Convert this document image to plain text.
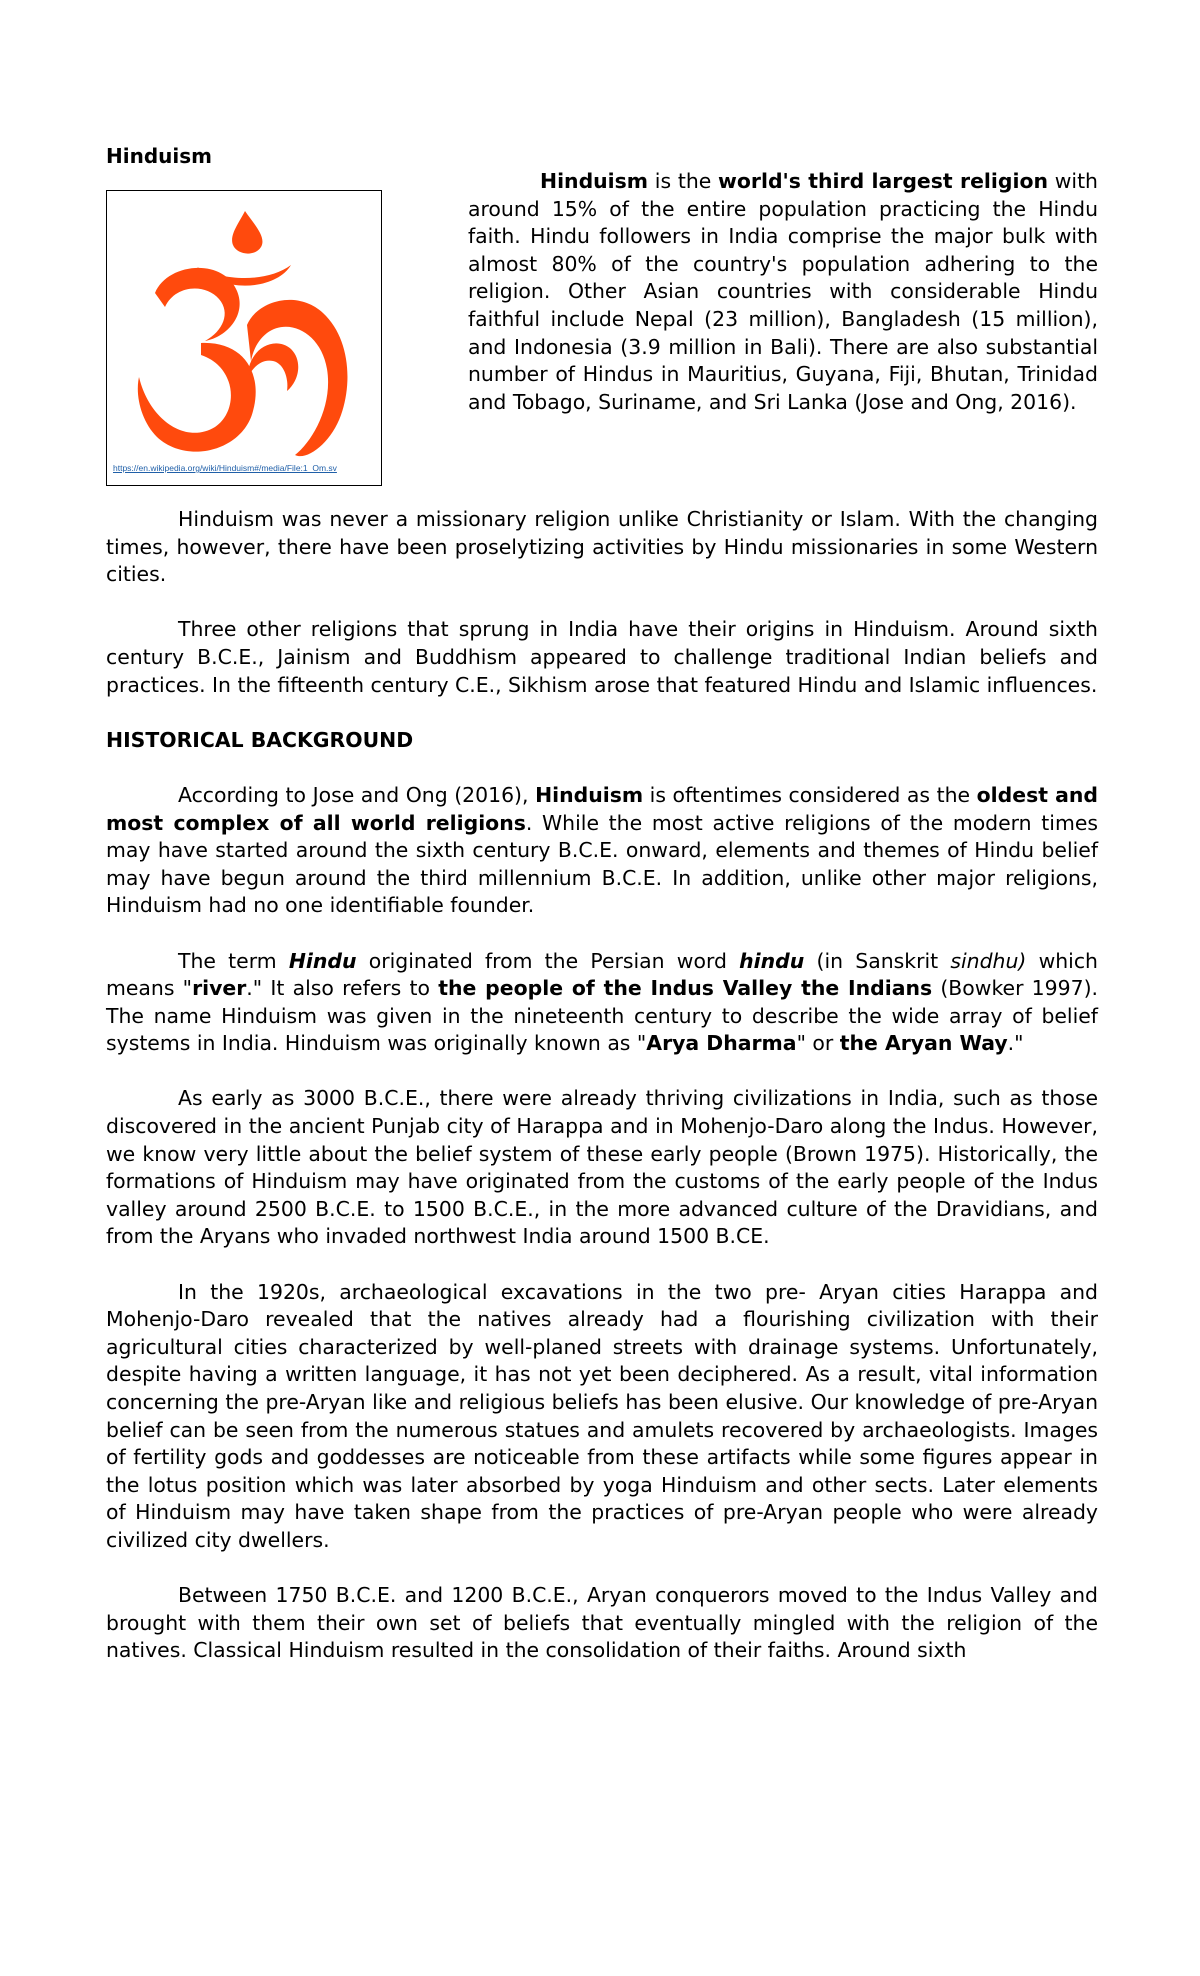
Hinduism
https://en.wikipedia.org/wiki/Hinduism#/media/File:1_Om.sv

Hinduism is the world's third largest religion with around 15% of the entire population practicing the Hindu faith. Hindu followers in India comprise the major bulk with almost 80% of the country's population adhering to the religion. Other Asian countries with considerable Hindu faithful include Nepal (23 million), Bangladesh (15 million), and Indonesia (3.9 million in Bali). There are also substantial number of Hindus in Mauritius, Guyana, Fiji, Bhutan, Trinidad and Tobago, Suriname, and Sri Lanka (Jose and Ong, 2016).

Hinduism was never a missionary religion unlike Christianity or Islam. With the changing times, however, there have been proselytizing activities by Hindu missionaries in some Western cities.

Three other religions that sprung in India have their origins in Hinduism. Around sixth century B.C.E., Jainism and Buddhism appeared to challenge traditional Indian beliefs and practices. In the fifteenth century C.E., Sikhism arose that featured Hindu and Islamic influences.

HISTORICAL BACKGROUND

According to Jose and Ong (2016), Hinduism is oftentimes considered as the oldest and most complex of all world religions. While the most active religions of the modern times may have started around the sixth century B.C.E. onward, elements and themes of Hindu belief may have begun around the third millennium B.C.E. In addition, unlike other major religions, Hinduism had no one identifiable founder.

The term Hindu originated from the Persian word hindu (in Sanskrit sindhu) which means "river." It also refers to the people of the Indus Valley the Indians (Bowker 1997). The name Hinduism was given in the nineteenth century to describe the wide array of belief systems in India. Hinduism was originally known as "Arya Dharma" or the Aryan Way."

As early as 3000 B.C.E., there were already thriving civilizations in India, such as those discovered in the ancient Punjab city of Harappa and in Mohenjo-Daro along the Indus. However, we know very little about the belief system of these early people (Brown 1975). Historically, the formations of Hinduism may have originated from the customs of the early people of the Indus valley around 2500 B.C.E. to 1500 B.C.E., in the more advanced culture of the Dravidians, and from the Aryans who invaded northwest India around 1500 B.CE.

In the 1920s, archaeological excavations in the two pre- Aryan cities Harappa and Mohenjo-Daro revealed that the natives already had a flourishing civilization with their agricultural cities characterized by well-planed streets with drainage systems. Unfortunately, despite having a written language, it has not yet been deciphered. As a result, vital information concerning the pre-Aryan like and religious beliefs has been elusive. Our knowledge of pre-Aryan belief can be seen from the numerous statues and amulets recovered by archaeologists. Images of fertility gods and goddesses are noticeable from these artifacts while some figures appear in the lotus position which was later absorbed by yoga Hinduism and other sects. Later elements of Hinduism may have taken shape from the practices of pre-Aryan people who were already civilized city dwellers.

Between 1750 B.C.E. and 1200 B.C.E., Aryan conquerors moved to the Indus Valley and brought with them their own set of beliefs that eventually mingled with the religion of the natives. Classical Hinduism resulted in the consolidation of their faiths. Around sixth
